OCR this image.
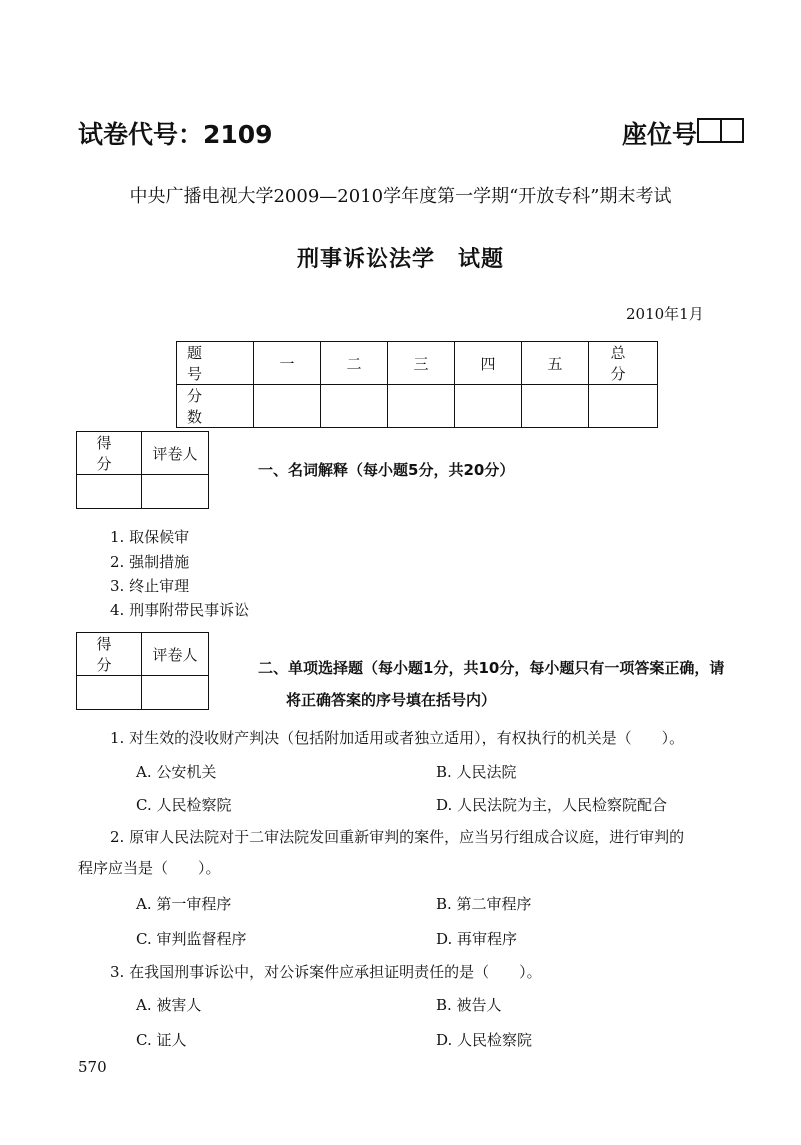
试卷代号：2109	座位号
中央广播电视大学2009—2010学年度第一学期“开放专科”期末考试
刑事诉讼法学　试题
2010年1月
题　号	一	二	三	四	五	总　分
分　数						
得　分	评卷人

一、名词解释（每小题5分，共20分）
1. 取保候审
2. 强制措施
3. 终止审理
4. 刑事附带民事诉讼
得　分	评卷人

二、单项选择题（每小题1分，共10分，每小题只有一项答案正确，请
将正确答案的序号填在括号内）
1. 对生效的没收财产判决（包括附加适用或者独立适用），有权执行的机关是（　　）。
A. 公安机关	B. 人民法院
C. 人民检察院	D. 人民法院为主，人民检察院配合
2. 原审人民法院对于二审法院发回重新审判的案件，应当另行组成合议庭，进行审判的
程序应当是（　　）。
A. 第一审程序	B. 第二审程序
C. 审判监督程序	D. 再审程序
3. 在我国刑事诉讼中，对公诉案件应承担证明责任的是（　　）。
A. 被害人	B. 被告人
C. 证人	D. 人民检察院
570
